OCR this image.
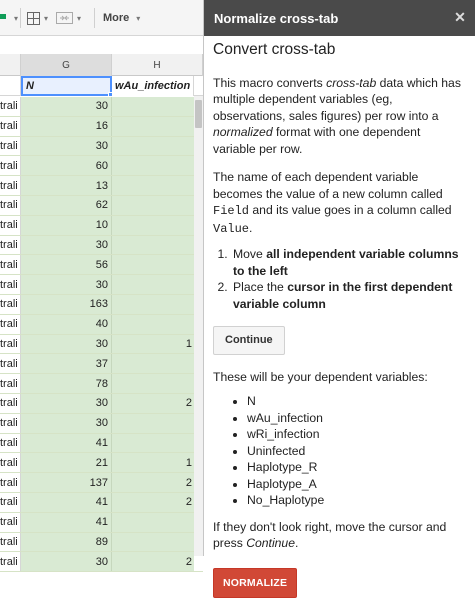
▾	▾	▾ More ▾
G	H
N	wAu_infection
trali	30
trali	16
trali	30
trali	60
trali	13
trali	62
trali	10
trali	30
trali	56
trali	30
trali	163
trali	40
trali	30	1
trali	37
trali	78
trali	30	2
trali	30
trali	41
trali	21	1
trali	137	2
trali	41	2
trali	41
trali	89
trali	30	2
Normalize cross-tab	✕
Convert cross-tab

This macro converts cross-tab data which has multiple dependent variables (eg, observations, sales figures) per row into a normalized format with one dependent variable per row.

The name of each dependent variable becomes the value of a new column called Field and its value goes in a column called Value.

1. Move all independent variable columns to the left
2. Place the cursor in the first dependent variable column
Continue

These will be your dependent variables:

• N
• wAu_infection
• wRi_infection
• Uninfected
• Haplotype_R
• Haplotype_A
• No_Haplotype

If they don't look right, move the cursor and press Continue.

NORMALIZE
